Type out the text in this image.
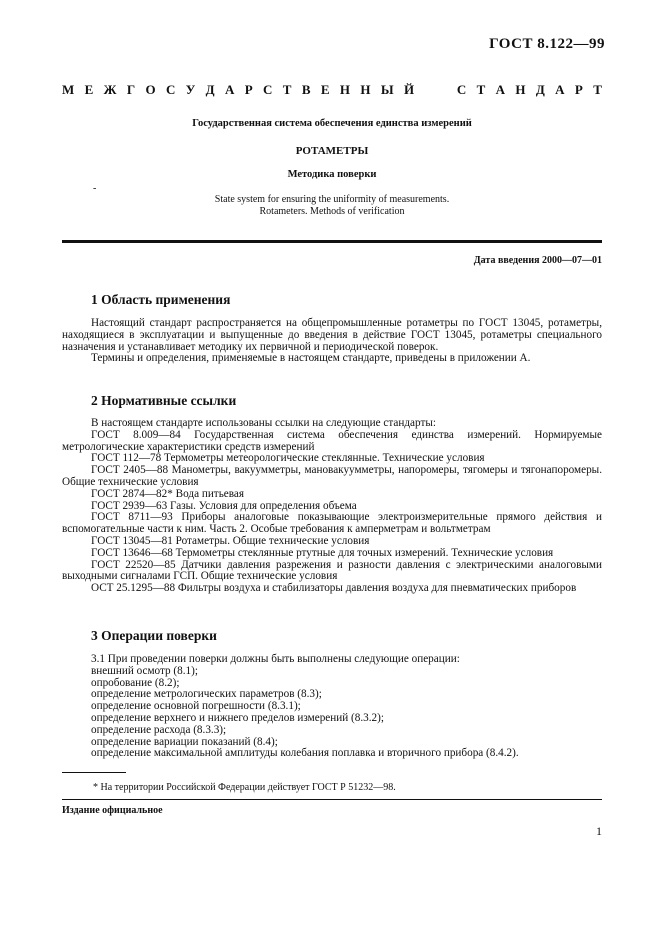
ГОСТ 8.122—99
М Е Ж Г О С У Д А Р С Т В Е Н Н Ы Й	С Т А Н Д А Р Т
Государственная система обеспечения единства измерений
РОТАМЕТРЫ
Методика поверки
-
State system for ensuring the uniformity of measurements.
Rotameters. Methods of verification
Дата введения 2000—07—01
1 Область применения

Настоящий стандарт распространяется на общепромышленные ротаметры по ГОСТ 13045, ротаметры, находящиеся в эксплуатации и выпущенные до введения в действие ГОСТ 13045, ротаметры специального назначения и устанавливает методику их первичной и периодической поверок.

Термины и определения, применяемые в настоящем стандарте, приведены в приложении А.

2 Нормативные ссылки

В настоящем стандарте использованы ссылки на следующие стандарты:

ГОСТ 8.009—84 Государственная система обеспечения единства измерений. Нормируемые метрологические характеристики средств измерений

ГОСТ 112—78 Термометры метеорологические стеклянные. Технические условия

ГОСТ 2405—88 Манометры, вакуумметры, мановакуумметры, напоромеры, тягомеры и тягонапоромеры. Общие технические условия

ГОСТ 2874—82* Вода питьевая

ГОСТ 2939—63 Газы. Условия для определения объема

ГОСТ 8711—93 Приборы аналоговые показывающие электроизмерительные прямого действия и вспомогательные части к ним. Часть 2. Особые требования к амперметрам и вольтметрам

ГОСТ 13045—81 Ротаметры. Общие технические условия

ГОСТ 13646—68 Термометры стеклянные ртутные для точных измерений. Технические условия

ГОСТ 22520—85 Датчики давления разрежения и разности давления с электрическими аналоговыми выходными сигналами ГСП. Общие технические условия

ОСТ 25.1295—88 Фильтры воздуха и стабилизаторы давления воздуха для пневматических приборов

3 Операции поверки
3.1 При проведении поверки должны быть выполнены следующие операции:
внешний осмотр (8.1);
опробование (8.2);
определение метрологических параметров (8.3);
определение основной погрешности (8.3.1);
определение верхнего и нижнего пределов измерений (8.3.2);
определение расхода (8.3.3);
определение вариации показаний (8.4);
определение максимальной амплитуды колебания поплавка и вторичного прибора (8.4.2).
* На территории Российской Федерации действует ГОСТ Р 51232—98.
Издание официальное
1
